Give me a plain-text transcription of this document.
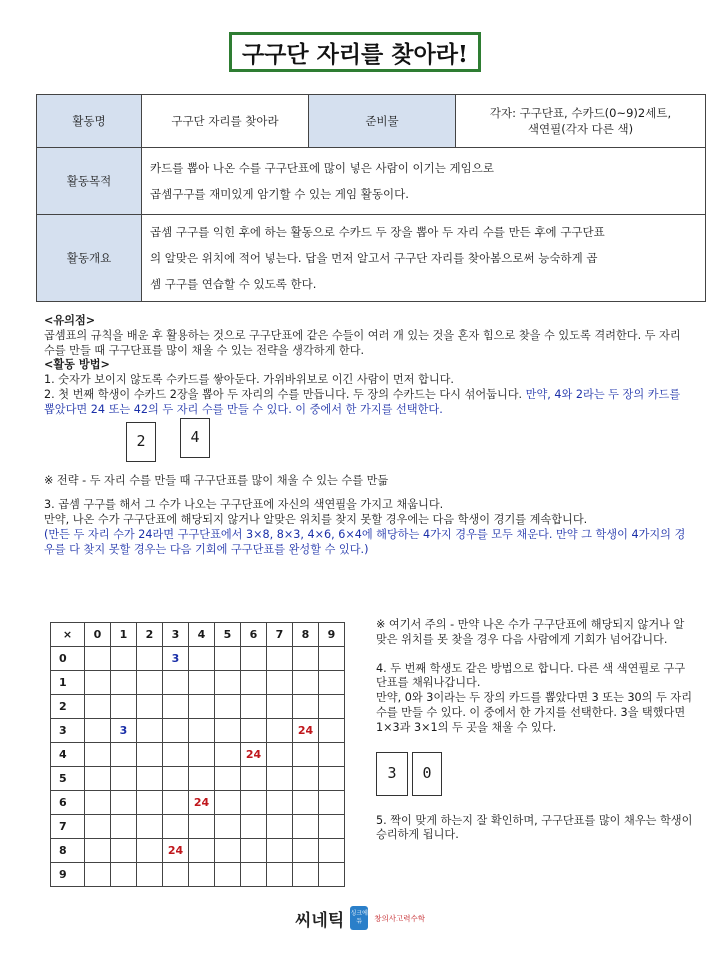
구구단 자리를 찾아라!
활동명	구구단 자리를 찾아라	준비물	각자: 구구단표, 수카드(0~9)2세트,
색연필(각자 다른 색)

활동목적	카드를 뽑아 나온 수를 구구단표에 많이 넣은 사람이 이기는 게임으로
곱셈구구를 재미있게 암기할 수 있는 게임 활동이다.		

활동개요	곱셈 구구를 익힌 후에 하는 활동으로 수카드 두 장을 뽑아 두 자리 수를 만든 후에 구구단표
의 알맞은 위치에 적어 넣는다. 답을 먼저 알고서 구구단 자리를 찾아봄으로써 능숙하게 곱
셈 구구를 연습할 수 있도록 한다.		

<유의점>

곱셈표의 규칙을 배운 후 활용하는 것으로 구구단표에 같은 수들이 여러 개 있는 것을 혼자 힘으로 찾을 수 있도록 격려한다. 두 자리 수를 만들 때 구구단표를 많이 채울 수 있는 전략을 생각하게 한다.

<활동 방법>

1. 숫자가 보이지 않도록 수카드를 쌓아둔다. 가위바위보로 이긴 사람이 먼저 합니다.

2. 첫 번째 학생이 수카드 2장을 뽑아 두 자리의 수를 만듭니다. 두 장의 수카드는 다시 섞어둡니다. 만약, 4와 2라는 두 장의 카드를 뽑았다면 24 또는 42의 두 자리 수를 만들 수 있다. 이 중에서 한 가지를 선택한다.

2	4

※ 전략 - 두 자리 수를 만들 때 구구단표를 많이 채울 수 있는 수를 만듦

3. 곱셈 구구를 해서 그 수가 나오는 구구단표에 자신의 색연필을 가지고 채웁니다.

만약, 나온 수가 구구단표에 해당되지 않거나 알맞은 위치를 찾지 못할 경우에는 다음 학생이 경기를 계속합니다.

(만든 두 자리 수가 24라면 구구단표에서 3×8, 8×3, 4×6, 6×4에 해당하는 4가지 경우를 모두 채운다. 만약 그 학생이 4가지의 경우를 다 찾지 못할 경우는 다음 기회에 구구단표를 완성할 수 있다.)

×	0	1	2	3	4	5	6	7	8	9
0				3						
1										
2										
3		3							24	
4							24			
5										
6					24					
7										
8				24						
9										

※ 여기서 주의 - 만약 나온 수가 구구단표에 해당되지 않거나 알맞은 위치를 못 찾을 경우 다음 사람에게 기회가 넘어갑니다.

4. 두 번째 학생도 같은 방법으로 합니다. 다른 색 색연필로 구구단표를 채워나갑니다.

만약, 0와 3이라는 두 장의 카드를 뽑았다면 3 또는 30의 두 자리 수를 만들 수 있다. 이 중에서 한 가지를 선택한다. 3을 택했다면 1×3과 3×1의 두 곳을 채울 수 있다.

3	0

5. 짝이 맞게 하는지 잘 확인하며, 구구단표를 많이 채우는 학생이 승리하게 됩니다.

씨네틱 싱크에듀	창의사고력수학
